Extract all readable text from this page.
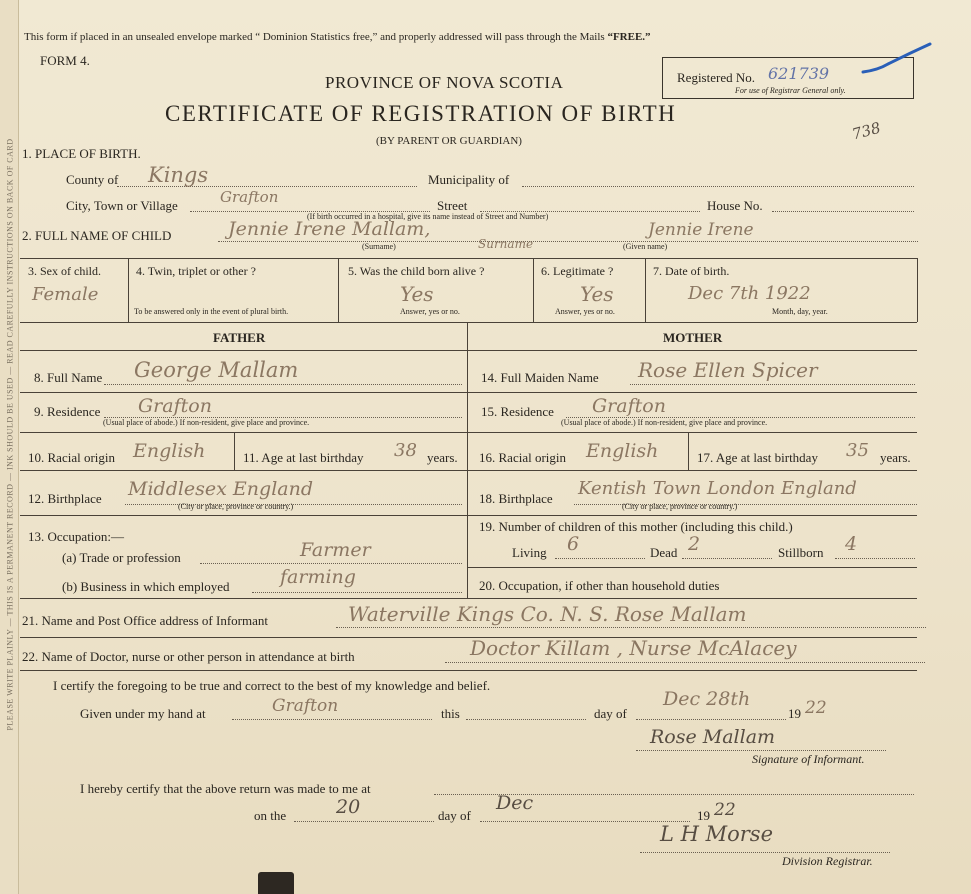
PLEASE WRITE PLAINLY — THIS IS A PERMANENT RECORD — INK SHOULD BE USED — READ CAREFULLY INSTRUCTIONS ON BACK OF CARD
This form if placed in an unsealed envelope marked “ Dominion Statistics free,” and properly addressed will pass through the Mails “FREE.”
FORM 4.
Registered No. 621739
For use of Registrar General only.
738
PROVINCE OF NOVA SCOTIA
CERTIFICATE OF REGISTRATION OF BIRTH
(BY PARENT OR GUARDIAN)
1. PLACE OF BIRTH.
County of Kings	Municipality of
City, Town or Village	Grafton	Street	House No.
(If birth occurred in a hospital, give its name instead of Street and Number)
2. FULL NAME OF CHILD	Jennie Irene Mallam,	Jennie Irene
(Surname)	Surname	(Given name)
3. Sex of child.
Female
4. Twin, triplet or other ?
To be answered only in the event of plural birth.
5. Was the child born alive ?
Yes
Answer, yes or no.
6. Legitimate ?
Yes
Answer, yes or no.
7. Date of birth.
Dec 7th 1922
Month, day, year.
FATHER	MOTHER
8. Full Name George Mallam
9. Residence Grafton
(Usual place of abode.) If non-resident, give place and province.
10. Racial origin English	11. Age at last birthday 38 years.
12. Birthplace Middlesex England
(City or place, province or country.)
13. Occupation:—
(a) Trade or profession	Farmer
(b) Business in which employed	farming
14. Full Maiden Name Rose Ellen Spicer
15. Residence Grafton
(Usual place of abode.) If non-resident, give place and province.
16. Racial origin English	17. Age at last birthday 35 years.
18. Birthplace Kentish Town London England
(City or place, province or country.)
19. Number of children of this mother (including this child.)
Living 6	Dead 2	Stillborn 4
20. Occupation, if other than household duties
21. Name and Post Office address of Informant	Waterville Kings Co. N. S. Rose Mallam
22. Name of Doctor, nurse or other person in attendance at birth	Doctor Killam , Nurse McAlacey
I certify the foregoing to be true and correct to the best of my knowledge and belief.
Given under my hand at	Grafton	this	day of
Dec 28th
19 22
Rose Mallam
Signature of Informant.
I hereby certify that the above return was made to me at
on the	20	day of
Dec
19 22
L H Morse
Division Registrar.
